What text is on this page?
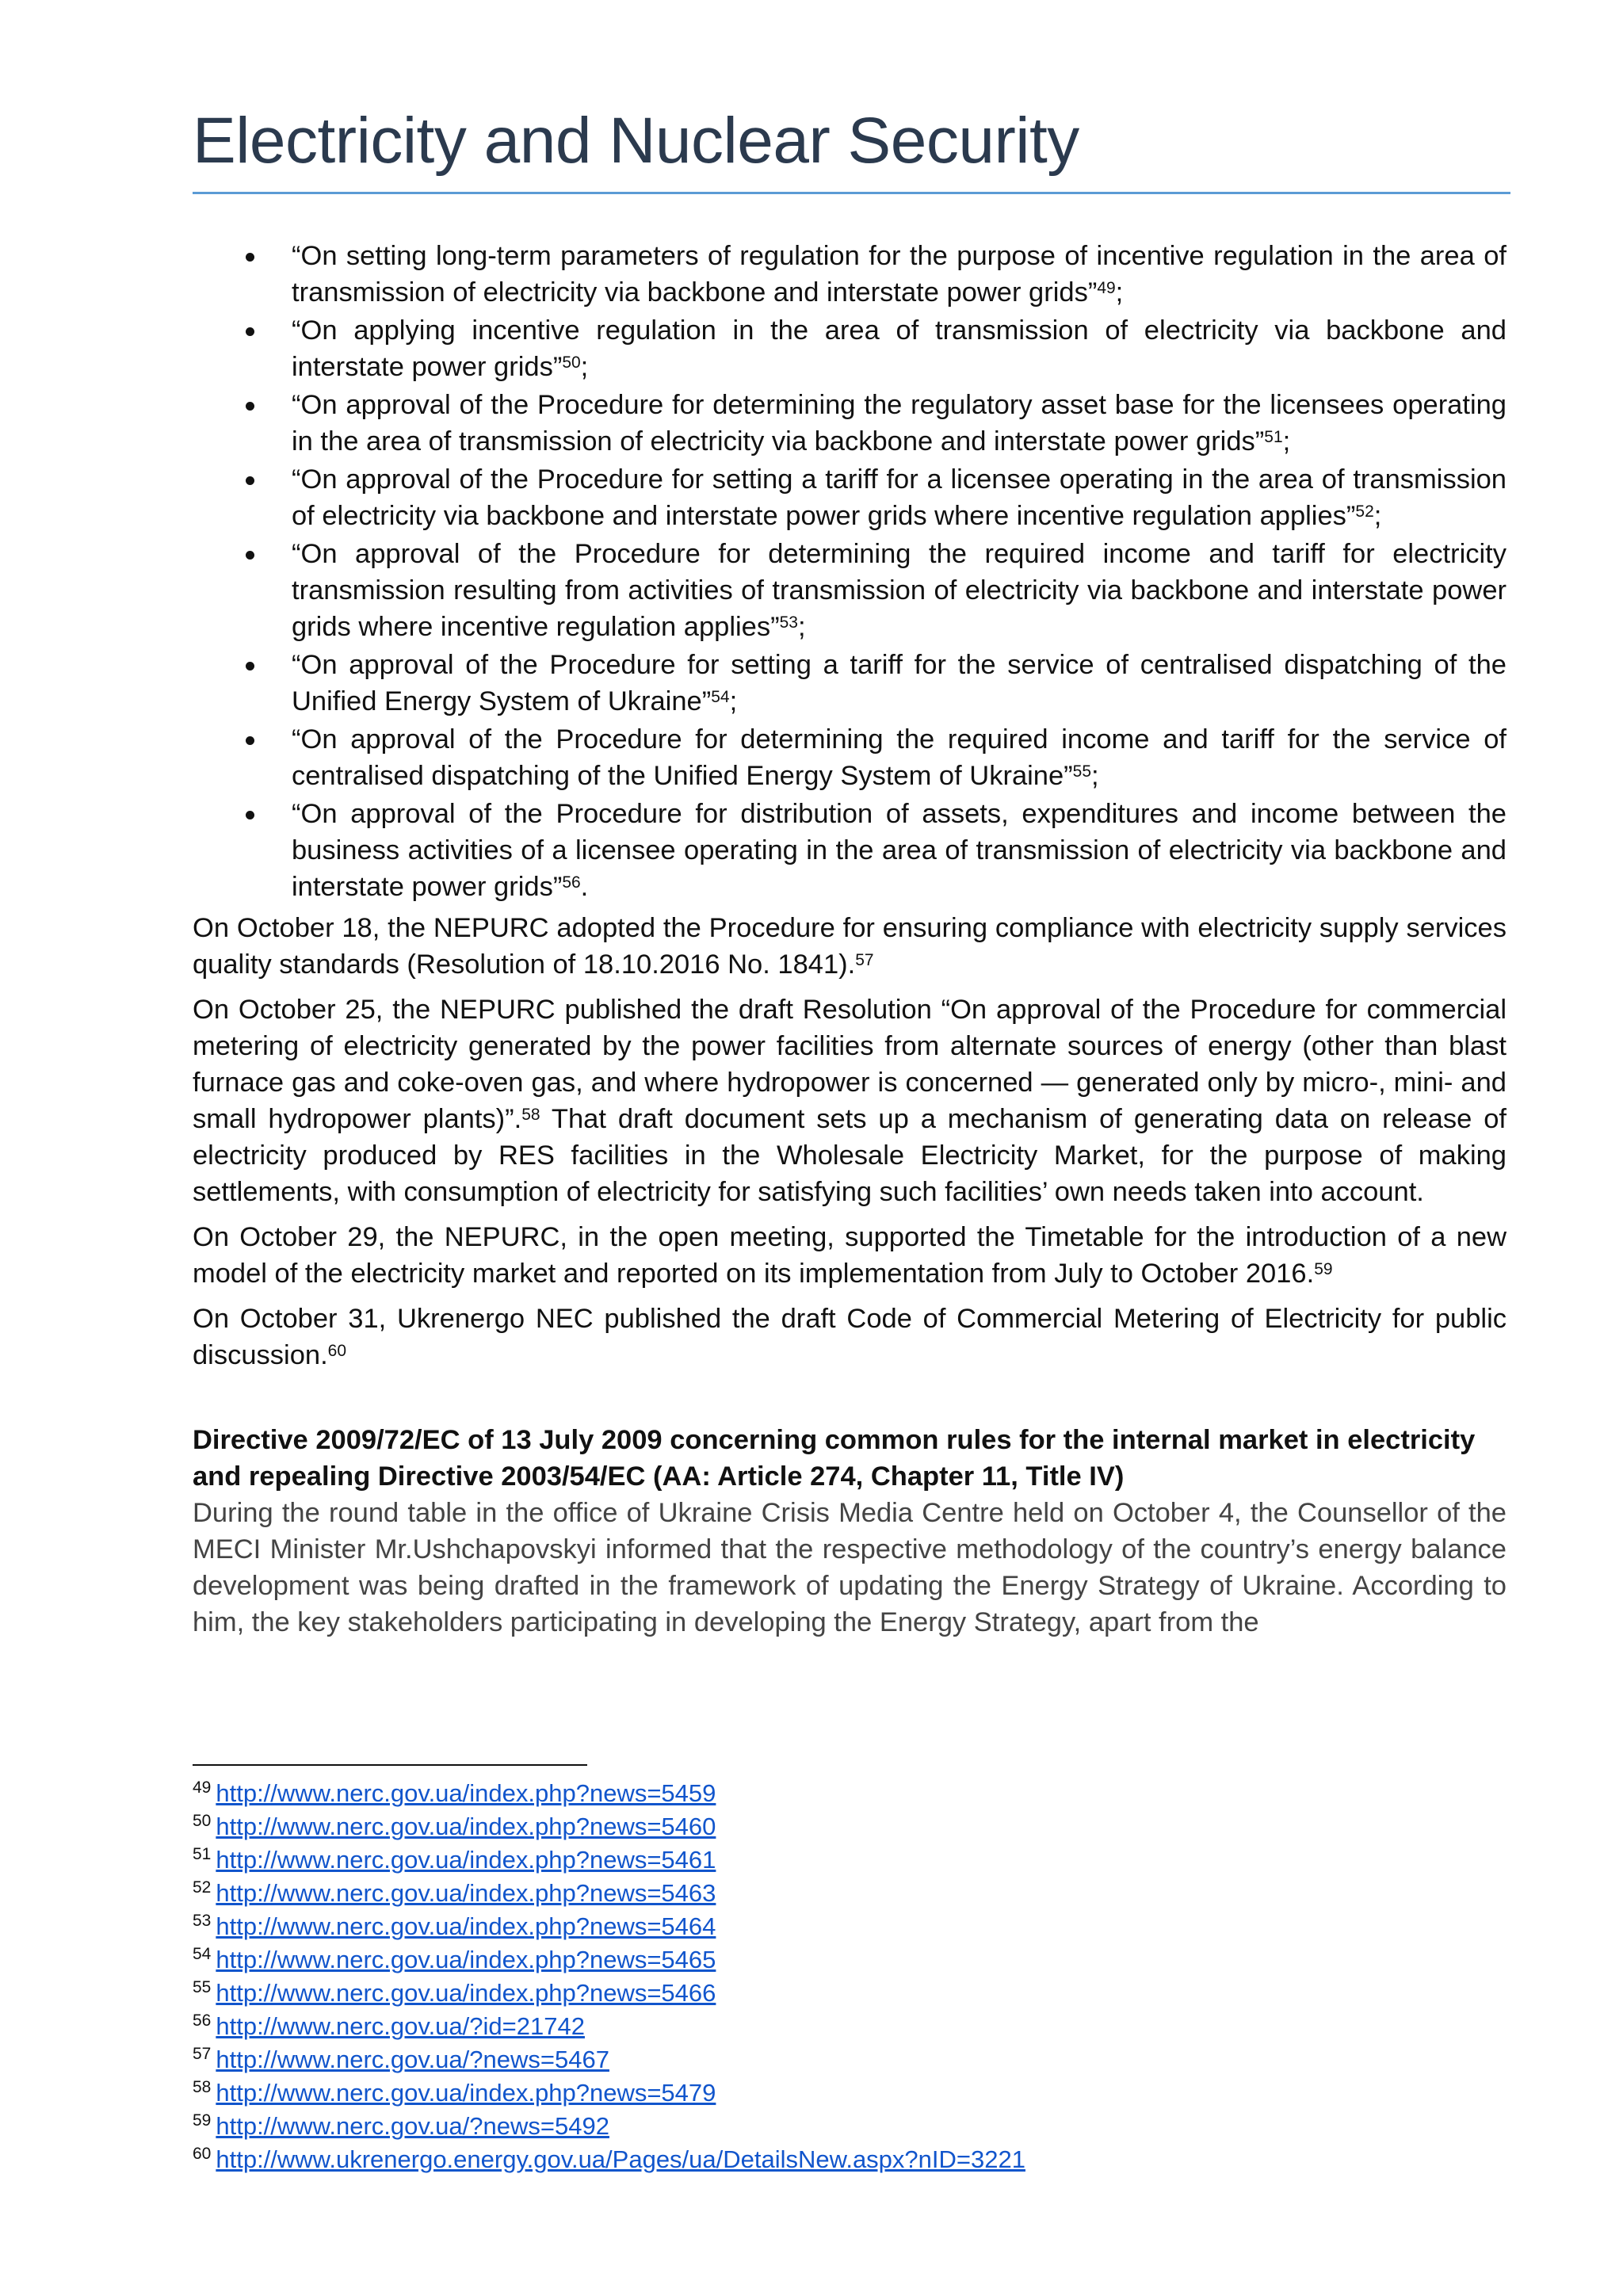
Electricity and Nuclear Security
“On setting long-term parameters of regulation for the purpose of incentive regulation in the area of transmission of electricity via backbone and interstate power grids”$^{49}$;
“On applying incentive regulation in the area of transmission of electricity via backbone and interstate power grids”$^{50}$;
“On approval of the Procedure for determining the regulatory asset base for the licensees operating in the area of transmission of electricity via backbone and interstate power grids”$^{51}$;
“On approval of the Procedure for setting a tariff for a licensee operating in the area of transmission of electricity via backbone and interstate power grids where incentive regulation applies”$^{52}$;
“On approval of the Procedure for determining the required income and tariff for electricity transmission resulting from activities of transmission of electricity via backbone and interstate power grids where incentive regulation applies”$^{53}$;
“On approval of the Procedure for setting a tariff for the service of centralised dispatching of the Unified Energy System of Ukraine”$^{54}$;
“On approval of the Procedure for determining the required income and tariff for the service of centralised dispatching of the Unified Energy System of Ukraine”$^{55}$;
“On approval of the Procedure for distribution of assets, expenditures and income between the business activities of a licensee operating in the area of transmission of electricity via backbone and interstate power grids”$^{56}$.

On October 18, the NEPURC adopted the Procedure for ensuring compliance with electricity supply services quality standards (Resolution of 18.10.2016 No. 1841).$^{57}$

On October 25, the NEPURC published the draft Resolution “On approval of the Procedure for commercial metering of electricity generated by the power facilities from alternate sources of energy (other than blast furnace gas and coke-oven gas, and where hydropower is concerned — generated only by micro-, mini- and small hydropower plants)”.$^{58}$ That draft document sets up a mechanism of generating data on release of electricity produced by RES facilities in the Wholesale Electricity Market, for the purpose of making settlements, with consumption of electricity for satisfying such facilities’ own needs taken into account.

On October 29, the NEPURC, in the open meeting, supported the Timetable for the introduction of a new model of the electricity market and reported on its implementation from July to October 2016.59

On October 31, Ukrenergo NEC published the draft Code of Commercial Metering of Electricity for public discussion.$^{60}$

Directive 2009/72/EC of 13 July 2009 concerning common rules for the internal market in electricity and repealing Directive 2003/54/EC (AA: Article 274, Chapter 11, Title IV)

During the round table in the office of Ukraine Crisis Media Centre held on October 4, the Counsellor of the MECI Minister Mr.Ushchapovskyi informed that the respective methodology of the country’s energy balance development was being drafted in the framework of updating the Energy Strategy of Ukraine. According to him, the key stakeholders participating in developing the Energy Strategy, apart from the

$^{49}$ http://www.nerc.gov.ua/index.php?news=5459
$^{50}$ http://www.nerc.gov.ua/index.php?news=5460
$^{51}$ http://www.nerc.gov.ua/index.php?news=5461
$^{52}$ http://www.nerc.gov.ua/index.php?news=5463
$^{53}$ http://www.nerc.gov.ua/index.php?news=5464
$^{54}$ http://www.nerc.gov.ua/index.php?news=5465
$^{55}$ http://www.nerc.gov.ua/index.php?news=5466
$^{56}$ http://www.nerc.gov.ua/?id=21742
$^{57}$ http://www.nerc.gov.ua/?news=5467
$^{58}$ http://www.nerc.gov.ua/index.php?news=5479
$^{59}$ http://www.nerc.gov.ua/?news=5492
$^{60}$ http://www.ukrenergo.energy.gov.ua/Pages/ua/DetailsNew.aspx?nID=3221
